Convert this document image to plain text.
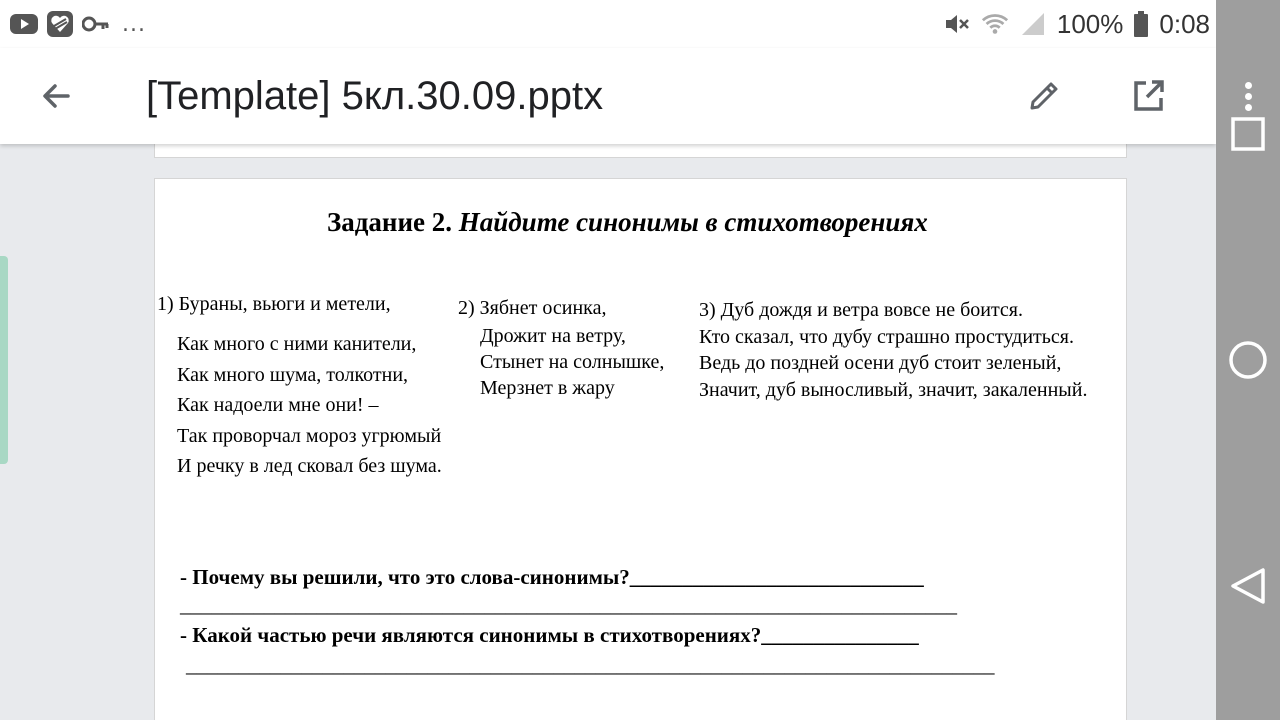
...	100% 0:08
[Template] 5кл.30.09.pptx
Задание 2. Найдите синонимы в стихотворениях
1) Бураны, вьюги и метели,
Как много с ними канители,
Как много шума, толкотни,
Как надоели мне они! –
Так проворчал мороз угрюмый
И речку в лед сковал без шума.
2) Зябнет осинка,
Дрожит на ветру,
Стынет на солнышке,
Мерзнет в жару
3) Дуб дождя и ветра вовсе не боится.
Кто сказал, что дубу страшно простудиться.
Ведь до поздней осени дуб стоит зеленый,
Значит, дуб выносливый, значит, закаленный.
- Почему вы решили, что это слова-синонимы?____________________________
__________________________________________________________________________
- Какой частью речи являются синонимы в стихотворениях?_______________
_____________________________________________________________________________
